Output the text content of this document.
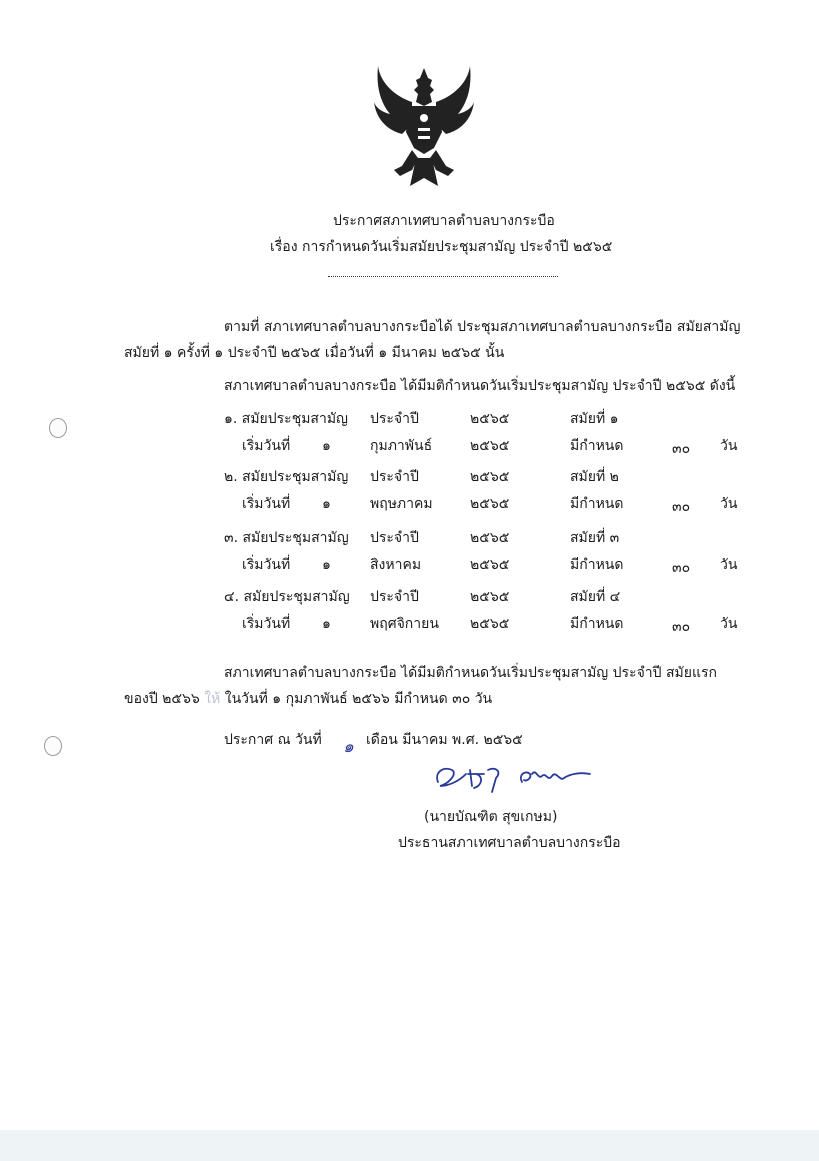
ประกาศสภาเทศบาลตำบลบางกระบือ
เรื่อง การกำหนดวันเริ่มสมัยประชุมสามัญ ประจำปี ๒๕๖๕
ตามที่ สภาเทศบาลตำบลบางกระบือได้ ประชุมสภาเทศบาลตำบลบางกระบือ สมัยสามัญ
สมัยที่ ๑ ครั้งที่ ๑ ประจำปี ๒๕๖๕ เมื่อวันที่ ๑ มีนาคม ๒๕๖๕ นั้น
สภาเทศบาลตำบลบางกระบือ ได้มีมติกำหนดวันเริ่มประชุมสามัญ ประจำปี ๒๕๖๕ ดังนี้
๑. สมัยประชุมสามัญ ประจำปี	๒๕๖๕	สมัยที่ ๑
เริ่มวันที่ ๑	กุมภาพันธ์	๒๕๖๕	มีกำหนด	๓๐ วัน
๒. สมัยประชุมสามัญ ประจำปี	๒๕๖๕	สมัยที่ ๒
เริ่มวันที่ ๑	พฤษภาคม	๒๕๖๕	มีกำหนด	๓๐ วัน
๓. สมัยประชุมสามัญ ประจำปี	๒๕๖๕	สมัยที่ ๓
เริ่มวันที่ ๑	สิงหาคม	๒๕๖๕	มีกำหนด	๓๐ วัน
๔. สมัยประชุมสามัญ ประจำปี	๒๕๖๕	สมัยที่ ๔
เริ่มวันที่ ๑	พฤศจิกายน ๒๕๖๕	มีกำหนด	๓๐ วัน
สภาเทศบาลตำบลบางกระบือ ได้มีมติกำหนดวันเริ่มประชุมสามัญ ประจำปี สมัยแรก
ของปี ๒๕๖๖ ให้ ในวันที่ ๑ กุมภาพันธ์ ๒๕๖๖ มีกำหนด ๓๐ วัน
ประกาศ ณ วันที่ ๑ เดือน มีนาคม พ.ศ. ๒๕๖๕
(นายบัณฑิต สุขเกษม)
ประธานสภาเทศบาลตำบลบางกระบือ
